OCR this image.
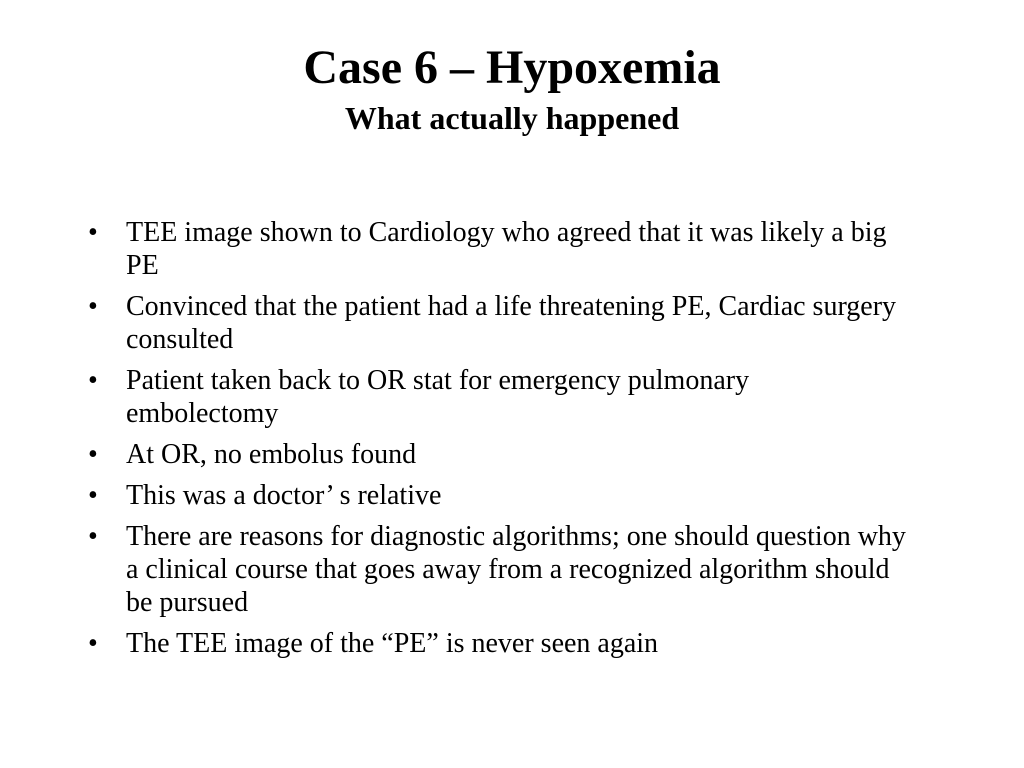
Case 6 – Hypoxemia
What actually happened
• TEE image shown to Cardiology who agreed that it was likely a big PE
• Convinced that the patient had a life threatening PE, Cardiac surgery consulted
• Patient taken back to OR stat for emergency pulmonary embolectomy
• At OR, no embolus found
• This was a doctor’ s relative
• There are reasons for diagnostic algorithms; one should question why a clinical course that goes away from a recognized algorithm should be pursued
• The TEE image of the “PE” is never seen again
